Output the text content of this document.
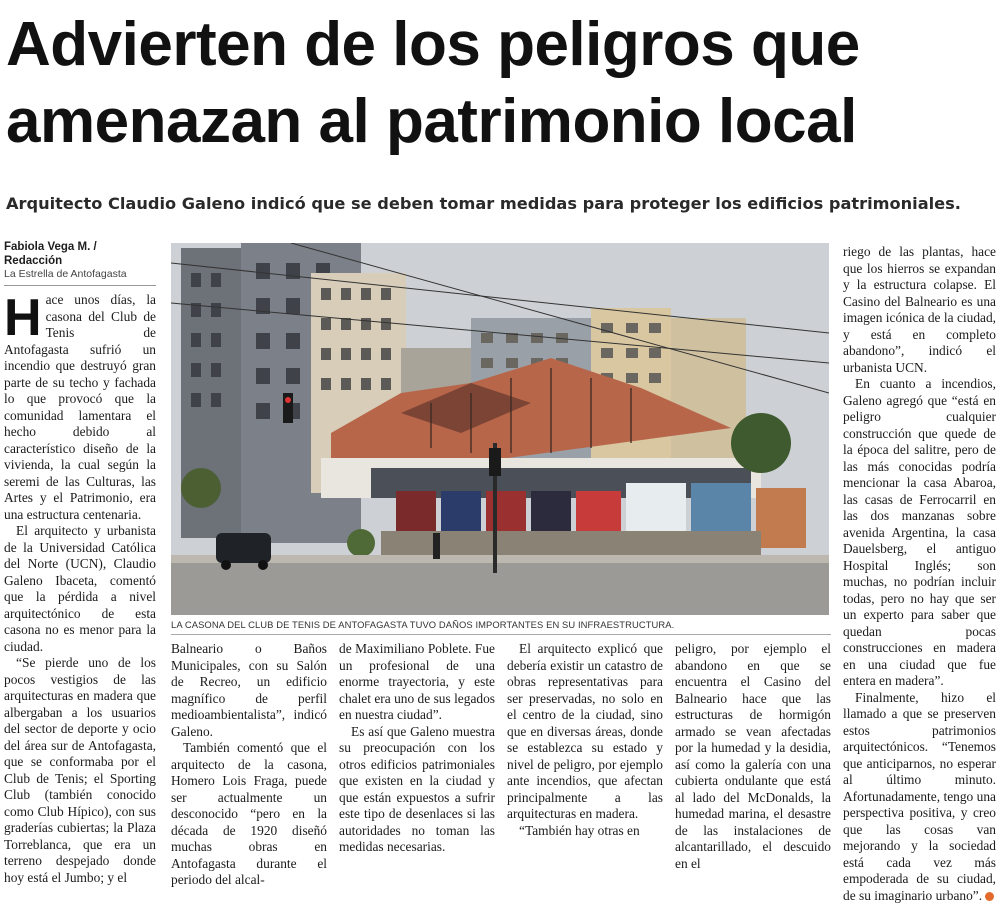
Advierten de los peligros que amenazan al patrimonio local

Arquitecto Claudio Galeno indicó que se deben tomar medidas para proteger los edificios patrimoniales.

Fabiola Vega M. / Redacción
La Estrella de Antofagasta

Hace unos días, la casona del Club de Tenis de Antofagasta sufrió un incendio que destruyó gran parte de su techo y fachada lo que provocó que la comunidad lamentara el hecho debido al característico diseño de la vivienda, la cual según la seremi de las Culturas, las Artes y el Patrimonio, era una estructura centenaria.

El arquitecto y urbanista de la Universidad Católica del Norte (UCN), Claudio Galeno Ibaceta, comentó que la pérdida a nivel arquitectónico de esta casona no es menor para la ciudad.

“Se pierde uno de los pocos vestigios de las arquitecturas en madera que albergaban a los usuarios del sector de deporte y ocio del área sur de Antofagasta, que se conformaba por el Club de Tenis; el Sporting Club (también conocido como Club Hípico), con sus graderías cubiertas; la Plaza Torreblanca, que era un terreno despejado donde hoy está el Jumbo; y el

LA CASONA DEL CLUB DE TENIS DE ANTOFAGASTA TUVO DAÑOS IMPORTANTES EN SU INFRAESTRUCTURA.

Balneario o Baños Municipales, con su Salón de Recreo, un edificio magnífico de perfil medioambientalista”, indicó Galeno.

También comentó que el arquitecto de la casona, Homero Lois Fraga, puede ser actualmente un desconocido “pero en la década de 1920 diseñó muchas obras en Antofagasta durante el periodo del alcal-

de Maximiliano Poblete. Fue un profesional de una enorme trayectoria, y este chalet era uno de sus legados en nuestra ciudad”.

Es así que Galeno muestra su preocupación con los otros edificios patrimoniales que existen en la ciudad y que están expuestos a sufrir este tipo de desenlaces si las autoridades no toman las medidas necesarias.

El arquitecto explicó que debería existir un catastro de obras representativas para ser preservadas, no solo en el centro de la ciudad, sino que en diversas áreas, donde se establezca su estado y nivel de peligro, por ejemplo ante incendios, que afectan principalmente a las arquitecturas en madera.

“También hay otras en

peligro, por ejemplo el abandono en que se encuentra el Casino del Balneario hace que las estructuras de hormigón armado se vean afectadas por la humedad y la desidia, así como la galería con una cubierta ondulante que está al lado del McDonalds, la humedad marina, el desastre de las instalaciones de alcantarillado, el descuido en el

riego de las plantas, hace que los hierros se expandan y la estructura colapse. El Casino del Balneario es una imagen icónica de la ciudad, y está en completo abandono”, indicó el urbanista UCN.

En cuanto a incendios, Galeno agregó que “está en peligro cualquier construcción que quede de la época del salitre, pero de las más conocidas podría mencionar la casa Abaroa, las casas de Ferrocarril en las dos manzanas sobre avenida Argentina, la casa Dauelsberg, el antiguo Hospital Inglés; son muchas, no podrían incluir todas, pero no hay que ser un experto para saber que quedan pocas construcciones en madera en una ciudad que fue entera en madera”.

Finalmente, hizo el llamado a que se preserven estos patrimonios arquitectónicos. “Tenemos que anticiparnos, no esperar al último minuto. Afortunadamente, tengo una perspectiva positiva, y creo que las cosas van mejorando y la sociedad está cada vez más empoderada de su ciudad, de su imaginario urbano”.
